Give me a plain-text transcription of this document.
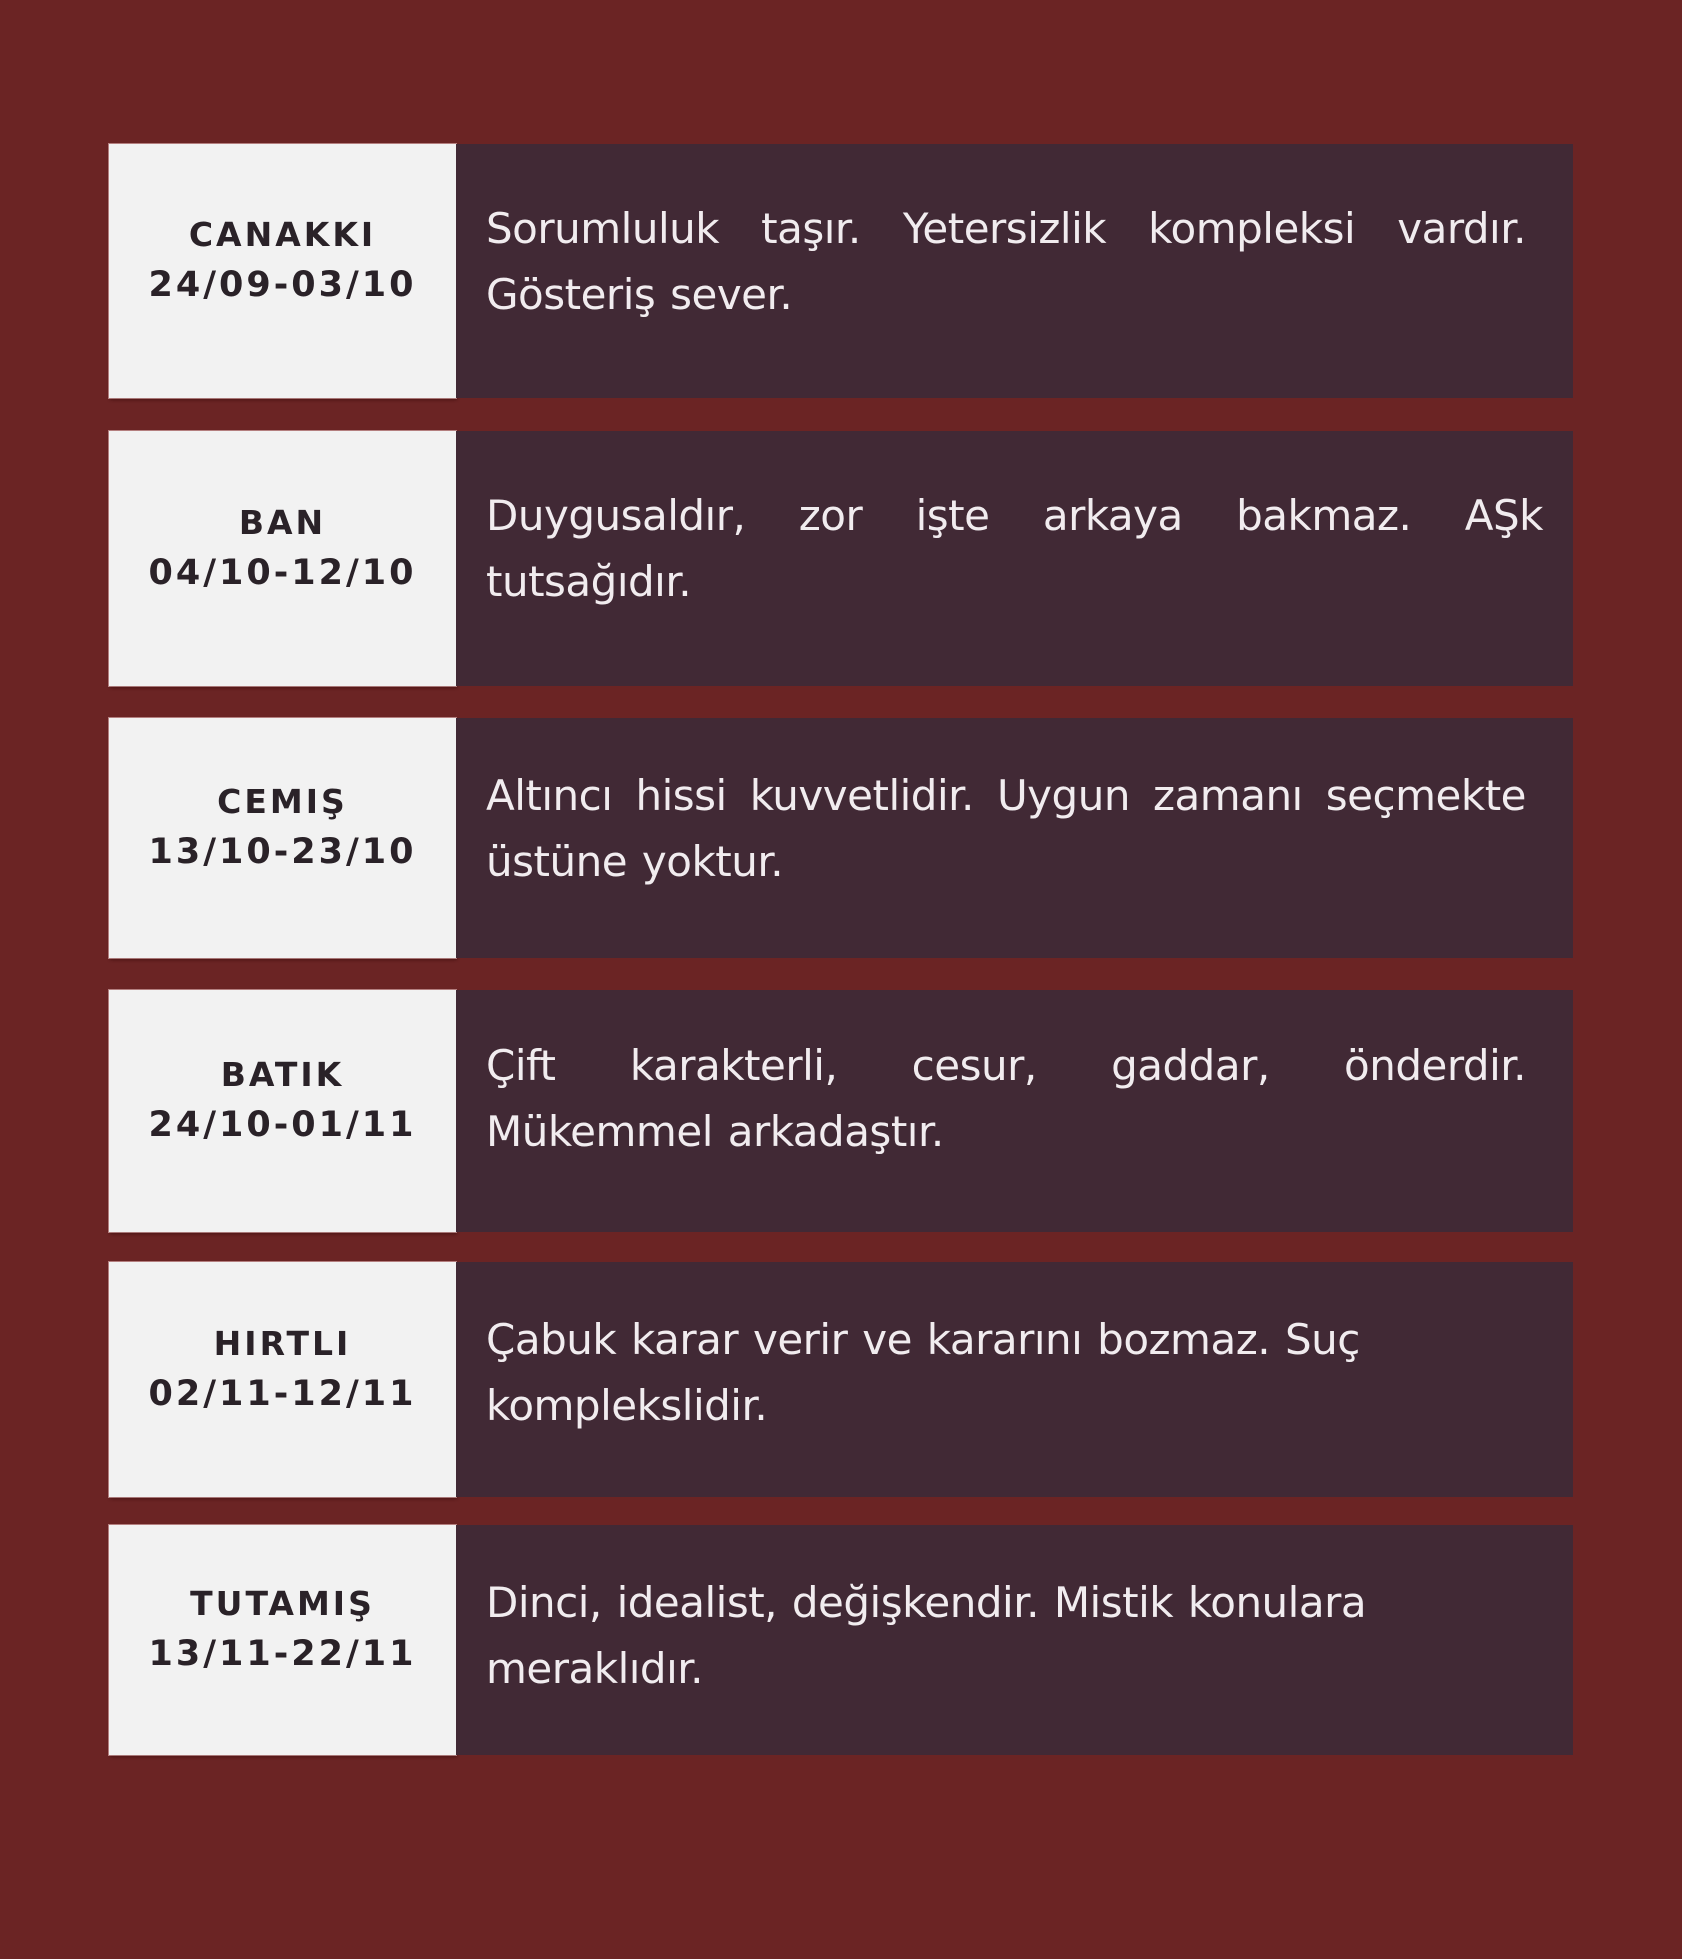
CANAKKI
24/09-03/10
Sorumluluk taşır. Yetersizlik kompleksi vardır. Gösteriş sever.
BAN
04/10-12/10
Duygusaldır, zor işte arkaya bakmaz. AŞk tutsağıdır.
CEMIŞ
13/10-23/10
Altıncı hissi kuvvetlidir. Uygun zamanı seçmekte üstüne yoktur.
BATIK
24/10-01/11
Çift karakterli, cesur, gaddar, önderdir. Mükemmel arkadaştır.
HIRTLI
02/11-12/11
Çabuk karar verir ve kararını bozmaz. Suç komplekslidir.
TUTAMIŞ
13/11-22/11
Dinci, idealist, değişkendir. Mistik konulara meraklıdır.
